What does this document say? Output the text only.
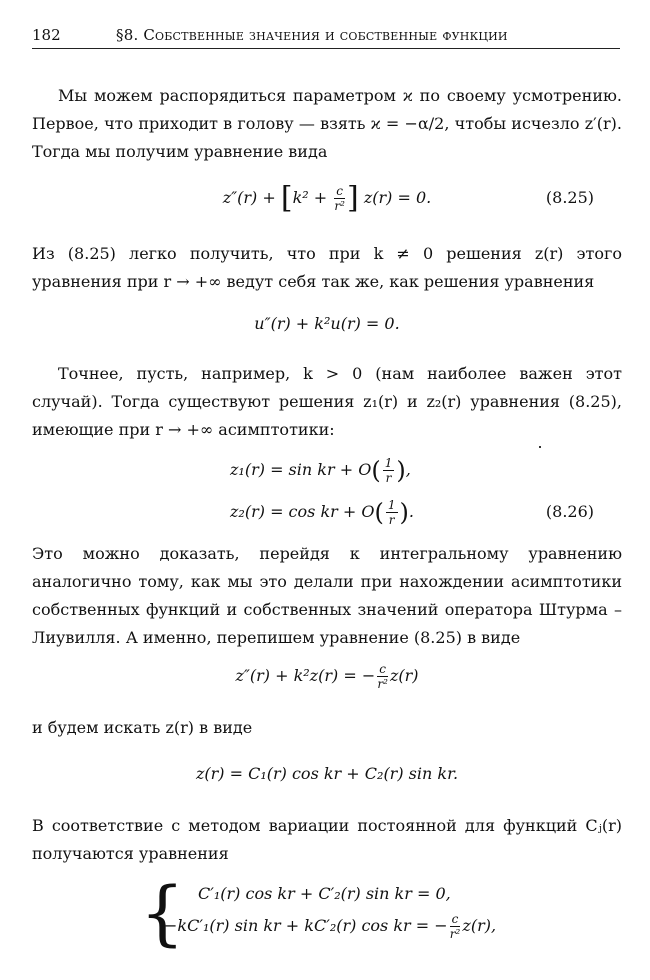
182	§8. Собственные значения и собственные функции
Мы можем распорядиться параметром ϰ по своему усмотрению. Первое, что приходит в голову — взять ϰ = −α/2, чтобы исчезло z′(r). Тогда мы получим уравнение вида
$z''(r) + [k^2 + \frac{c}{\text{r²}}$ ] z(r) = 0.	(8.25)
Из (8.25) легко получить, что при k ≠ 0 решения z(r) этого уравнения при r → +∞ ведут себя так же, как решения уравнения
u″(r) + k²u(r) = 0.
Точнее, пусть, например, k > 0 (нам наиболее важен этот случай). Тогда существуют решения z₁(r) и z₂(r) уравнения (8.25), имеющие при r → +∞ асимптотики:
z₁(r) = sin kr + $O( \frac{1}{r}$ ),
z₂(r) = cos kr + $O( \frac{1}{r}$ ).	(8.26)
Это можно доказать, перейдя к интегральному уравнению аналогично тому, как мы это делали при нахождении асимптотики собственных функций и собственных значений оператора Штурма – Лиувилля. А именно, перепишем уравнение (8.25) в виде
z″(r) + k²z(r) = − $\frac{c}{\text{r²}} z(r)$
и будем искать z(r) в виде
z(r) = C₁(r) cos kr + C₂(r) sin kr.
В соответствие с методом вариации постоянной для функций Cⱼ(r) получаются уравнения
{ C′₁(r) cos kr + C′₂(r) sin kr = 0,
−kC′₁(r) sin kr + kC′₂(r) cos kr = − $\frac{c}{\text{r²}} z(r)$,
